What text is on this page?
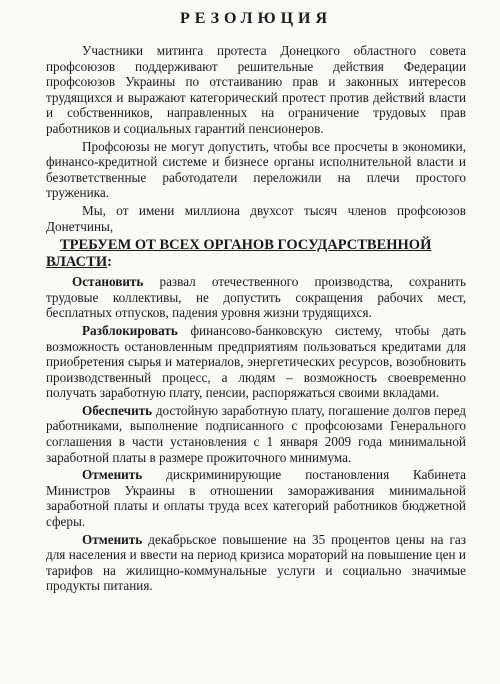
РЕЗОЛЮЦИЯ

Участники митинга протеста Донецкого областного совета профсоюзов поддерживают решительные действия Федерации профсоюзов Украины по отстаиванию прав и законных интересов трудящихся и выражают категорический протест против действий власти и собственников, направленных на ограничение трудовых прав работников и социальных гарантий пенсионеров.

Профсоюзы не могут допустить, чтобы все просчеты в экономики, финансо-кредитной системе и бизнесе органы исполнительной власти и безответственные работодатели переложили на плечи простого труженика.

Мы, от имени миллиона двухсот тысяч членов профсоюзов Донетчины,

ТРЕБУЕМ ОТ ВСЕХ ОРГАНОВ ГОСУДАРСТВЕННОЙ ВЛАСТИ:

Остановить развал отечественного производства, сохранить трудовые коллективы, не допустить сокращения рабочих мест, бесплатных отпусков, падения уровня жизни трудящихся.

Разблокировать финансово-банковскую систему, чтобы дать возможность остановленным предприятиям пользоваться кредитами для приобретения сырья и материалов, энергетических ресурсов, возобновить производственный процесс, а людям – возможность своевременно получать заработную плату, пенсии, распоряжаться своими вкладами.

Обеспечить достойную заработную плату, погашение долгов перед работниками, выполнение подписанного с профсоюзами Генерального соглашения в части установления с 1 января 2009 года минимальной заработной платы в размере прожиточного минимума.

Отменить дискриминирующие постановления Кабинета Министров Украины в отношении замораживания минимальной заработной платы и оплаты труда всех категорий работников бюджетной сферы.

Отменить декабрьское повышение на 35 процентов цены на газ для населения и ввести на период кризиса мораторий на повышение цен и тарифов на жилищно-коммунальные услуги и социально значимые продукты питания.
